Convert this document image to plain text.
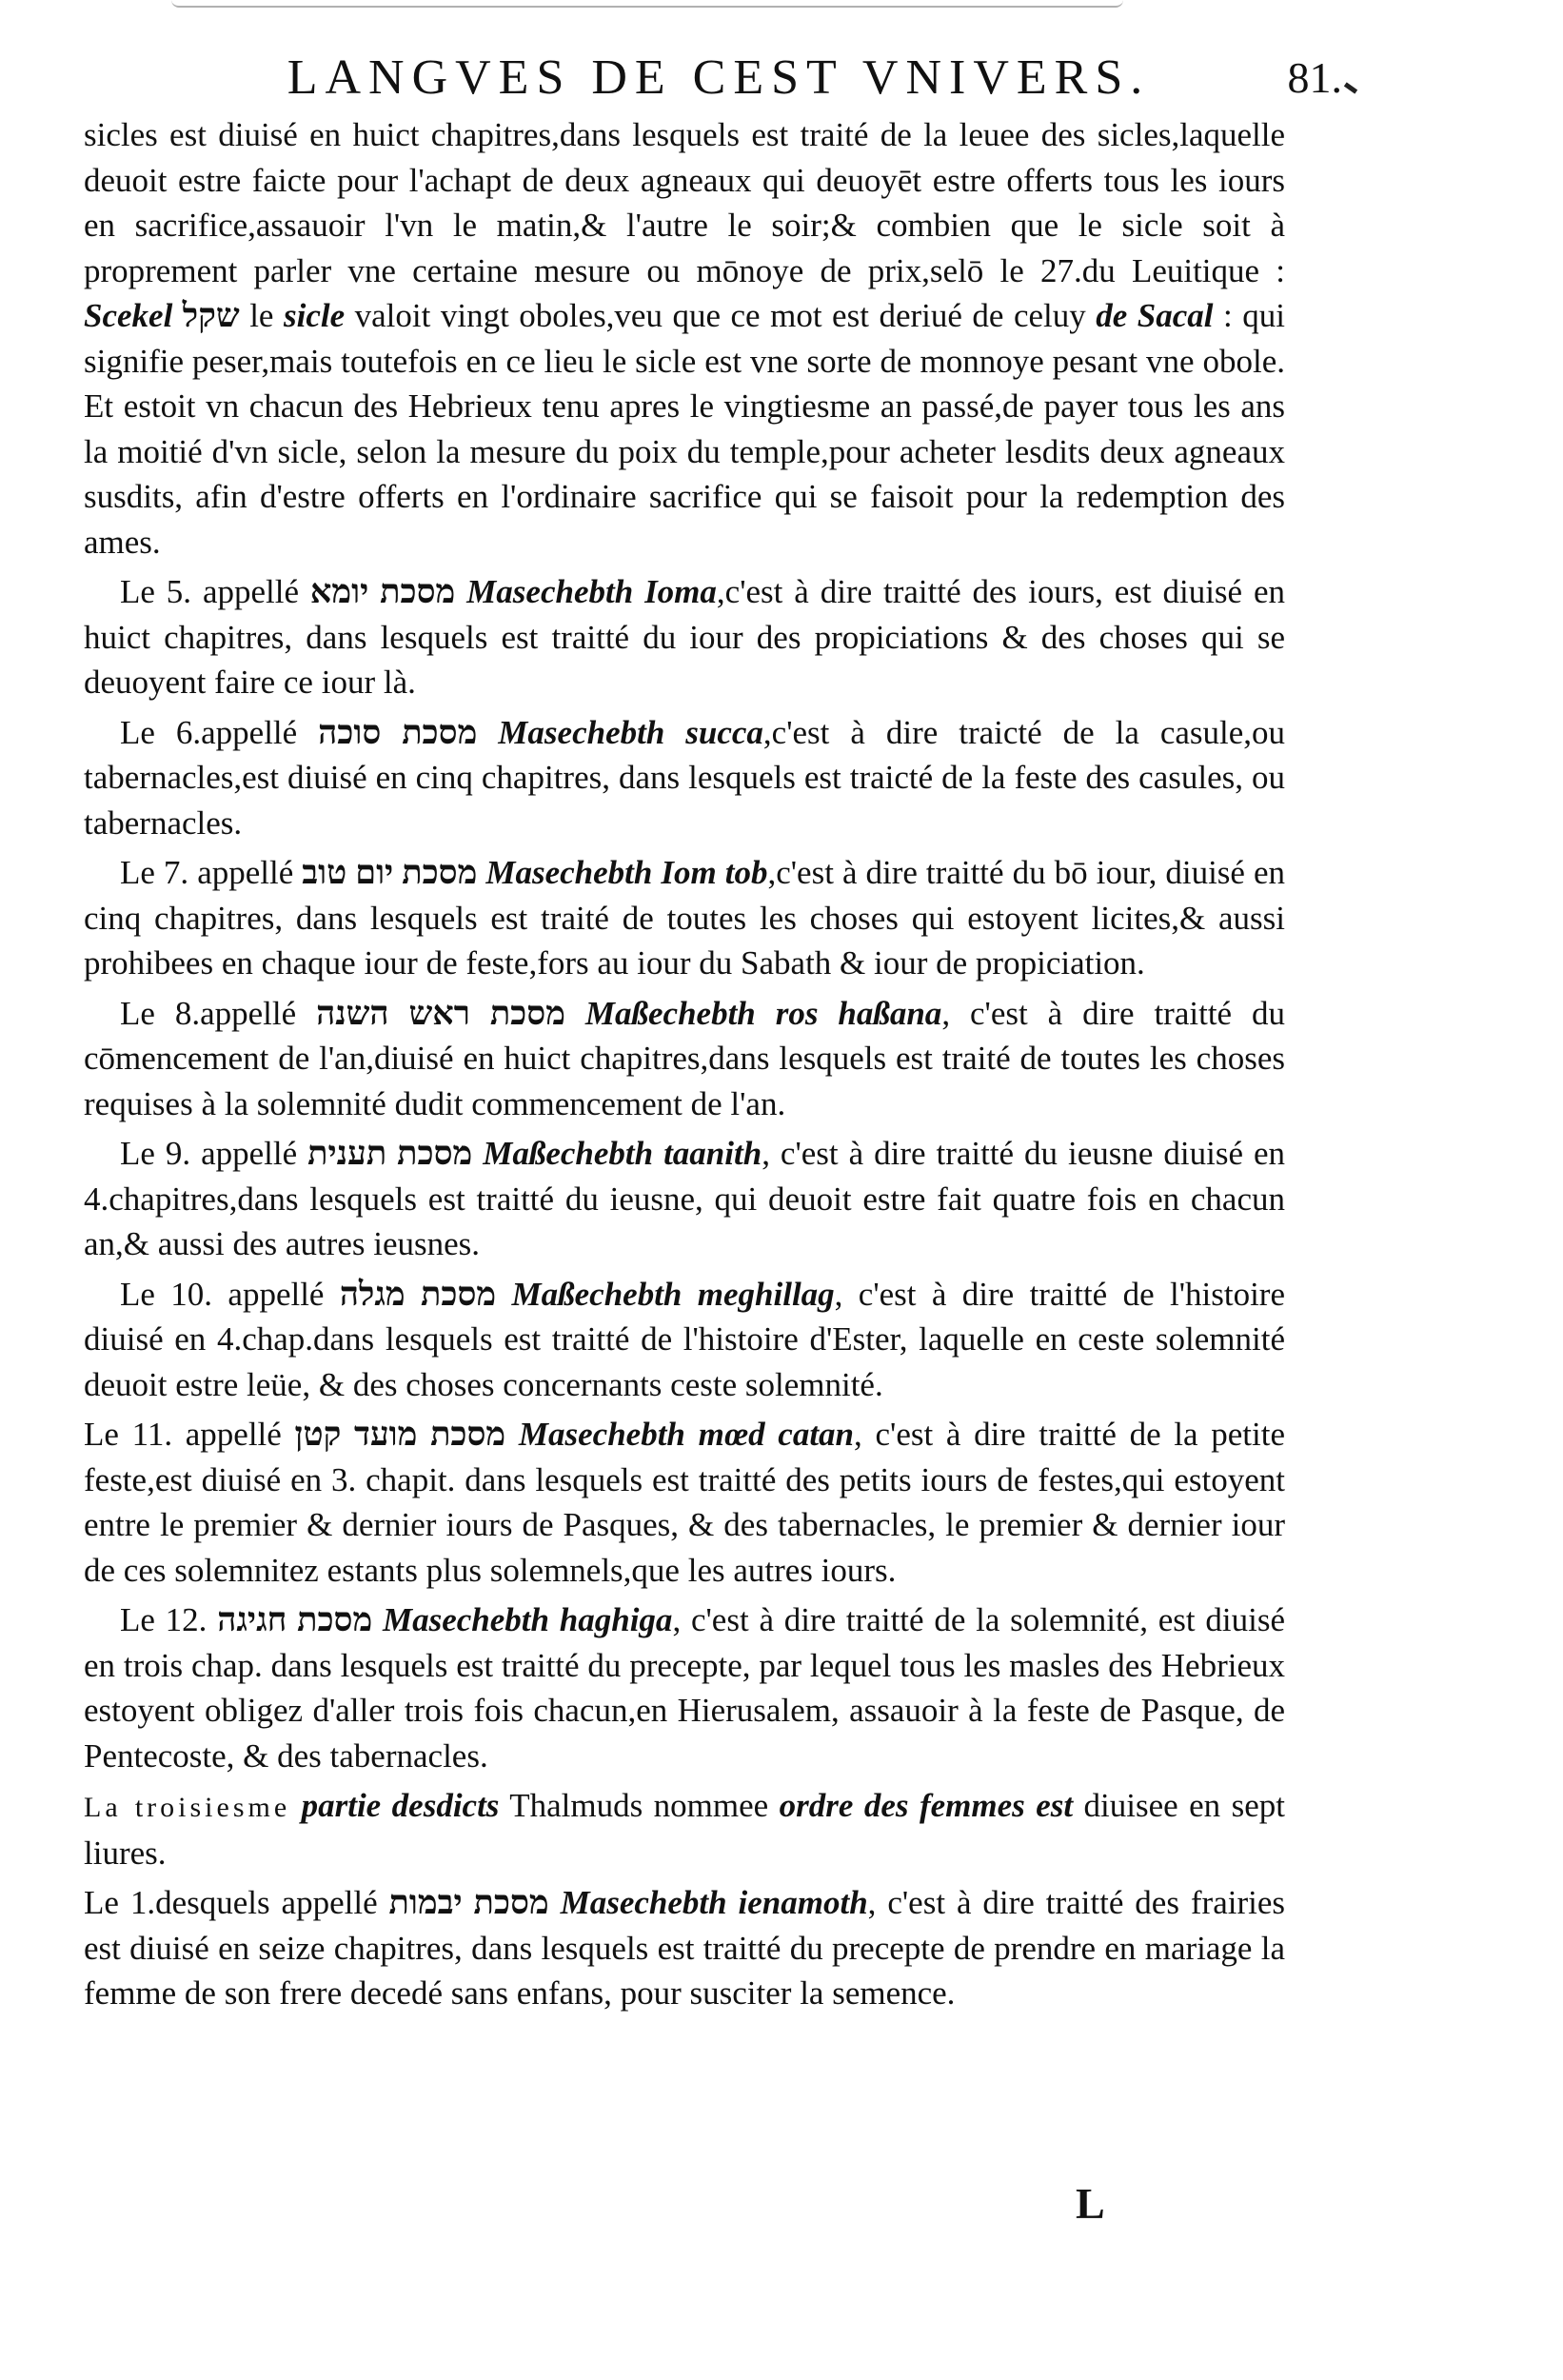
LANGVES DE CEST VNIVERS.	81.

sicles est diuisé en huict chapitres,dans lesquels est traité de la leuee des sicles,laquelle deuoit estre faicte pour l'achapt de deux agneaux qui deuoyēt estre offerts tous les iours en sacrifice,assauoir l'vn le matin,& l'autre le soir;& combien que le sicle soit à proprement parler vne certaine mesure ou mōnoye de prix,selō le 27.du Leuitique : Scekel שקל le sicle valoit vingt oboles,veu que ce mot est deriué de celuy de Sacal : qui signifie peser,mais toutefois en ce lieu le sicle est vne sorte de monnoye pesant vne obole. Et estoit vn chacun des Hebrieux tenu apres le vingtiesme an passé,de payer tous les ans la moitié d'vn sicle, selon la mesure du poix du temple,pour acheter lesdits deux agneaux susdits, afin d'estre offerts en l'ordinaire sacrifice qui se faisoit pour la redemption des ames.

Le 5. appellé מסכת יומא Masechebth Ioma,c'est à dire traitté des iours, est diuisé en huict chapitres, dans lesquels est traitté du iour des propiciations & des choses qui se deuoyent faire ce iour là.

Le 6.appellé מסכת סוכה Masechebth succa,c'est à dire traicté de la casule,ou tabernacles,est diuisé en cinq chapitres, dans lesquels est traicté de la feste des casules, ou tabernacles.

Le 7. appellé מסכת יום טוב Masechebth Iom tob,c'est à dire traitté du bō iour, diuisé en cinq chapitres, dans lesquels est traité de toutes les choses qui estoyent licites,& aussi prohibees en chaque iour de feste,fors au iour du Sabath & iour de propiciation.

Le 8.appellé מסכת ראש השנה Maßechebth ros haßana, c'est à dire traitté du cōmencement de l'an,diuisé en huict chapitres,dans lesquels est traité de toutes les choses requises à la solemnité dudit commencement de l'an.

Le 9. appellé מסכת תענית Maßechebth taanith, c'est à dire traitté du ieusne diuisé en 4.chapitres,dans lesquels est traitté du ieusne, qui deuoit estre fait quatre fois en chacun an,& aussi des autres ieusnes.

Le 10. appellé מסכת מגלה Maßechebth meghillag, c'est à dire traitté de l'histoire diuisé en 4.chap.dans lesquels est traitté de l'histoire d'Ester, laquelle en ceste solemnité deuoit estre leüe, & des choses concernants ceste solemnité.

Le 11. appellé מסכת מועד קטן Masechebth mœd catan, c'est à dire traitté de la petite feste,est diuisé en 3. chapit. dans lesquels est traitté des petits iours de festes,qui estoyent entre le premier & dernier iours de Pasques, & des tabernacles, le premier & dernier iour de ces solemnitez estants plus solemnels,que les autres iours.

Le 12. מסכת חגיגה Masechebth haghiga, c'est à dire traitté de la solemnité, est diuisé en trois chap. dans lesquels est traitté du precepte, par lequel tous les masles des Hebrieux estoyent obligez d'aller trois fois chacun,en Hierusalem, assauoir à la feste de Pasque, de Pentecoste, & des tabernacles.

La troisiesme partie desdicts Thalmuds nommee ordre des femmes est diuisee en sept liures.

Le 1.desquels appellé מסכת יבמות Masechebth ienamoth, c'est à dire traitté des frairies est diuisé en seize chapitres, dans lesquels est traitté du precepte de prendre en mariage la femme de son frere decedé sans enfans, pour susciter la semence.

L
